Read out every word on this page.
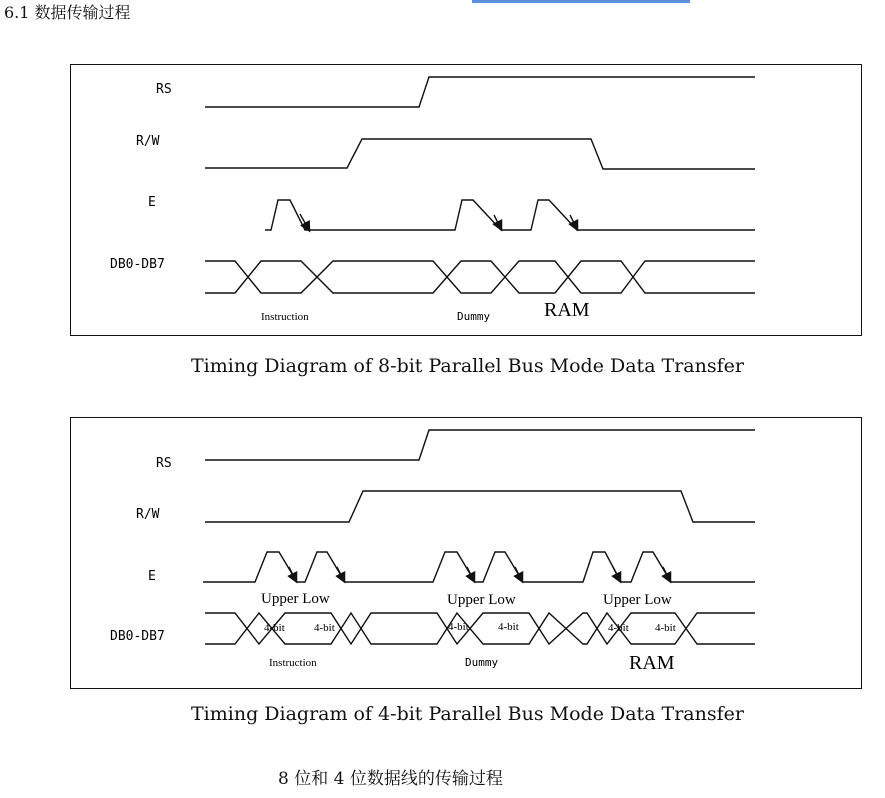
6.1 数据传输过程
RS
R/W
E
DB0-DB7
Instruction	Dummy	RAM
Timing Diagram of 8-bit Parallel Bus Mode Data Transfer
RS
R/W
E
DB0-DB7
Upper Low	Upper Low	Upper Low
4-bit	4-bit	4-bit	4-bit	4-bit 4-bit
Instruction	Dummy	RAM
Timing Diagram of 4-bit Parallel Bus Mode Data Transfer
8 位和 4 位数据线的传输过程
